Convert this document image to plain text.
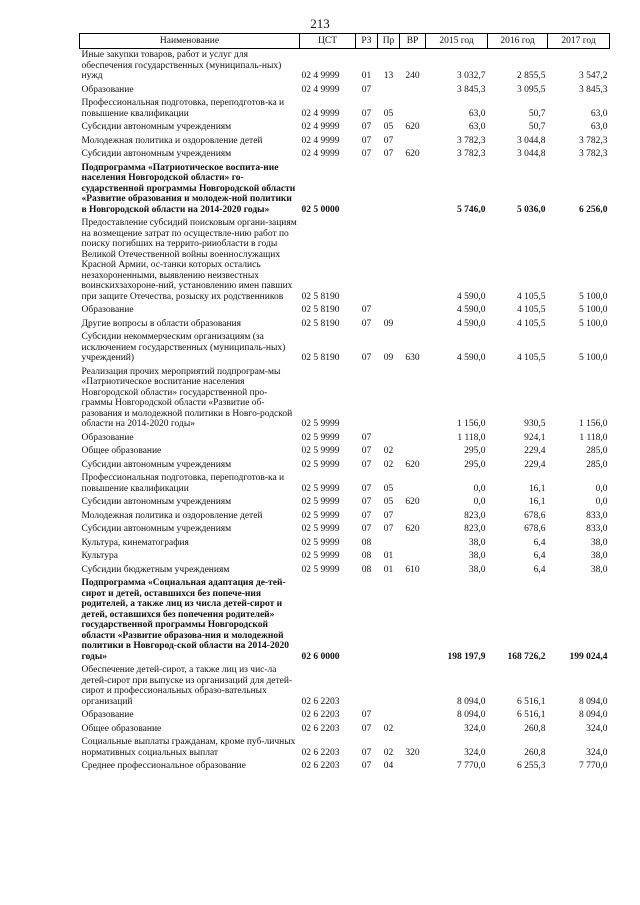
213
Наименование	ЦСТ	РЗ	Пр	ВР	2015 год	2016 год	2017 год
Иные закупки товаров, работ и услуг для обеспечения государственных (муниципаль-ных) нужд	02 4 9999	01	13	240	3 032,7	2 855,5	3 547,2
Образование	02 4 9999	07			3 845,3	3 095,5	3 845,3
Профессиональная подготовка, переподготов-ка и повышение квалификации	02 4 9999	07	05		63,0	50,7	63,0
Субсидии автономным учреждениям	02 4 9999	07	05	620	63,0	50,7	63,0
Молодежная политика и оздоровление детей	02 4 9999	07	07		3 782,3	3 044,8	3 782,3
Субсидии автономным учреждениям	02 4 9999	07	07	620	3 782,3	3 044,8	3 782,3
Подпрограмма «Патриотическое воспита-ние населения Новгородской области» го-сударственной программы Новгородской области «Развитие образования и молодеж-ной политики в Новгородской области на 2014-2020 годы»	02 5 0000				5 746,0	5 036,0	6 256,0
Предоставление субсидий поисковым органи-зациям на возмещение затрат по осуществле-нию работ по поиску погибших на террито-рииобласти в годы Великой Отечественной войны военнослужащих Красной Армии, ос-танки которых остались незахороненными, выявлению неизвестных воинскихзахороне-ний, установлению имен павших при защите Отечества, розыску их родственников	02 5 8190				4 590,0	4 105,5	5 100,0
Образование	02 5 8190	07			4 590,0	4 105,5	5 100,0
Другие вопросы в области образования	02 5 8190	07	09		4 590,0	4 105,5	5 100,0
Субсидии некоммерческим организациям (за исключением государственных (муниципаль-ных) учреждений)	02 5 8190	07	09	630	4 590,0	4 105,5	5 100,0
Реализация прочих мероприятий подпрограм-мы «Патриотическое воспитание населения Новгородской области» государственной про-граммы Новгородской области «Развитие об-разования и молодежной политики в Новго-родской области на 2014-2020 годы»	02 5 9999				1 156,0	930,5	1 156,0
Образование	02 5 9999	07			1 118,0	924,1	1 118,0
Общее образование	02 5 9999	07	02		295,0	229,4	285,0
Субсидии автономным учреждениям	02 5 9999	07	02	620	295,0	229,4	285,0
Профессиональная подготовка, переподготов-ка и повышение квалификации	02 5 9999	07	05		0,0	16,1	0,0
Субсидии автономным учреждениям	02 5 9999	07	05	620	0,0	16,1	0,0
Молодежная политика и оздоровление детей	02 5 9999	07	07		823,0	678,6	833,0
Субсидии автономным учреждениям	02 5 9999	07	07	620	823,0	678,6	833,0
Культура, кинематография	02 5 9999	08			38,0	6,4	38,0
Культура	02 5 9999	08	01		38,0	6,4	38,0
Субсидии бюджетным учреждениям	02 5 9999	08	01	610	38,0	6,4	38,0
Подпрограмма «Социальная адаптация де-тей-сирот и детей, оставшихся без попече-ния родителей, а также лиц из числа детей-сирот и детей, оставшихся без попечения родителей» государственной программы Новгородской области «Развитие образова-ния и молодежной политики в Новгород-ской области на 2014-2020 годы»	02 6 0000				198 197,9	168 726,2	199 024,4
Обеспечение детей-сирот, а также лиц из чис-ла детей-сирот при выпуске из организаций для детей-сирот и профессиональных образо-вательных организаций	02 6 2203				8 094,0	6 516,1	8 094,0
Образование	02 6 2203	07			8 094,0	6 516,1	8 094,0
Общее образование	02 6 2203	07	02		324,0	260,8	324,0
Социальные выплаты гражданам, кроме пуб-личных нормативных социальных выплат	02 6 2203	07	02	320	324,0	260,8	324,0
Среднее профессиональное образование	02 6 2203	07	04		7 770,0	6 255,3	7 770,0
